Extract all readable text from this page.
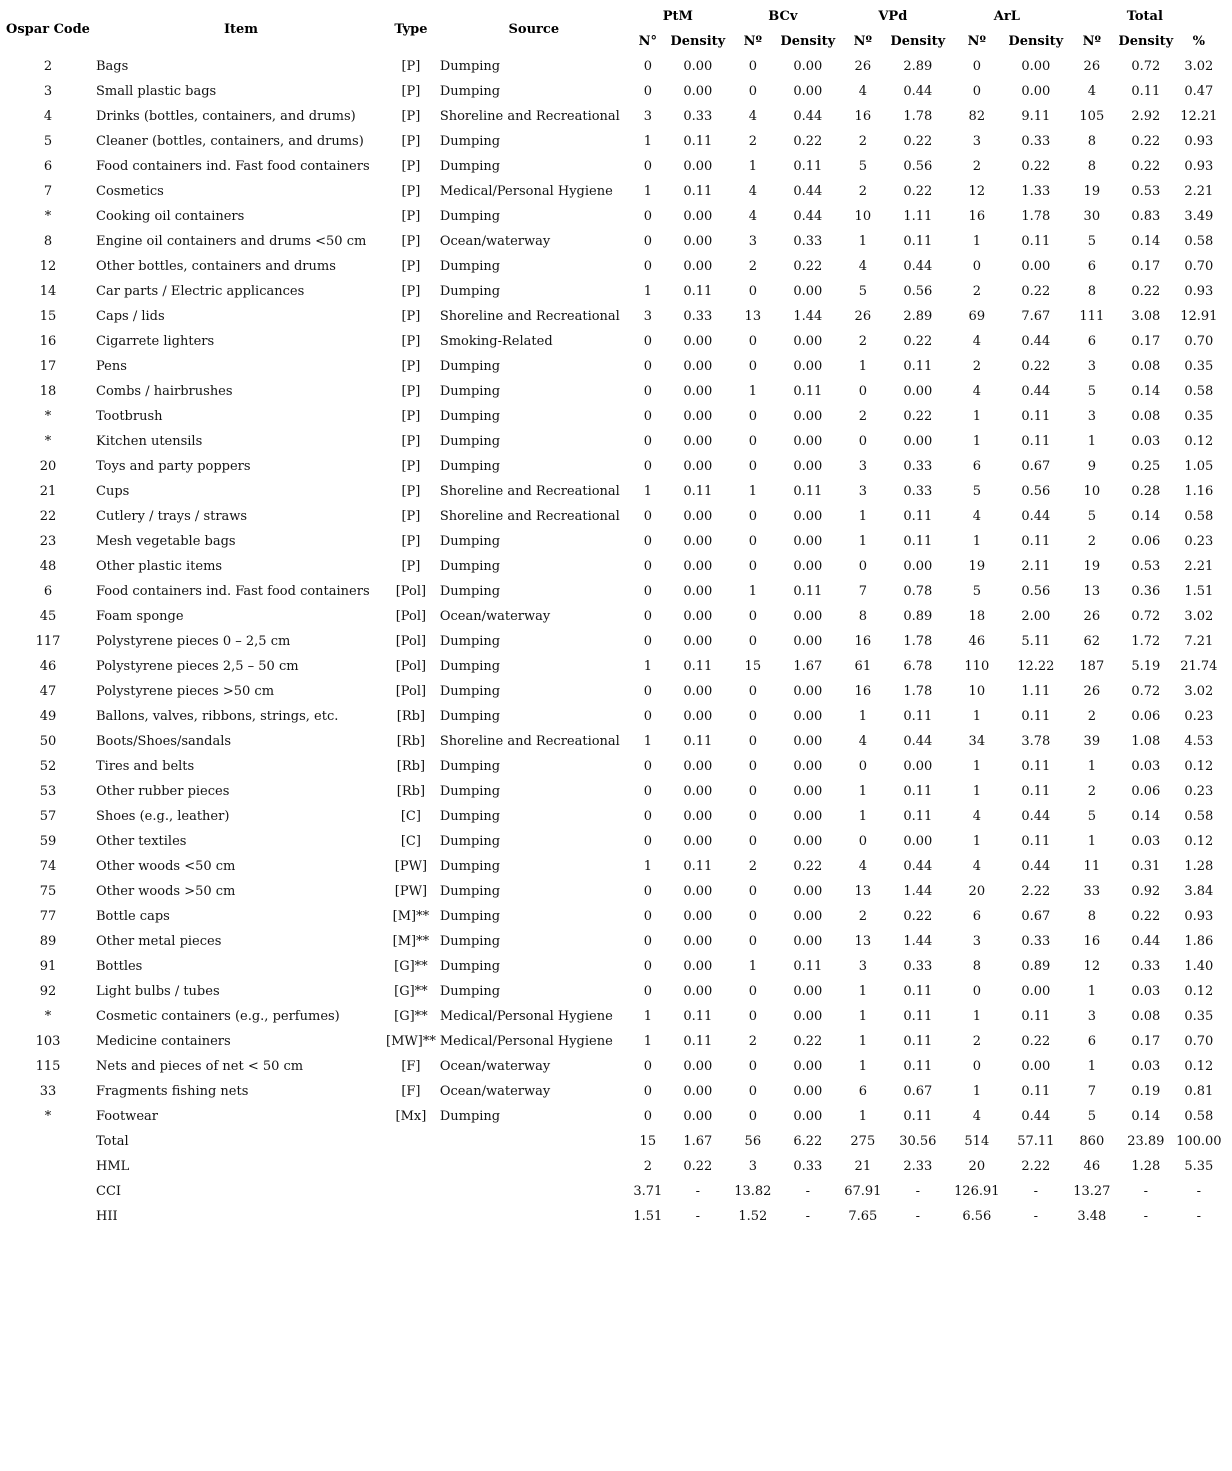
Ospar Code	Item	Type	Source	PtM		BCv		VPd		ArL		Total		
				N°	Density	Nº	Density	Nº	Density	Nº	Density	Nº	Density	%
2	Bags	[P]	Dumping	0	0.00	0	0.00	26	2.89	0	0.00	26	0.72	3.02
3	Small plastic bags	[P]	Dumping	0	0.00	0	0.00	4	0.44	0	0.00	4	0.11	0.47
4	Drinks (bottles, containers, and drums)	[P]	Shoreline and Recreational	3	0.33	4	0.44	16	1.78	82	9.11	105	2.92	12.21
5	Cleaner (bottles, containers, and drums)	[P]	Dumping	1	0.11	2	0.22	2	0.22	3	0.33	8	0.22	0.93
6	Food containers ind. Fast food containers	[P]	Dumping	0	0.00	1	0.11	5	0.56	2	0.22	8	0.22	0.93
7	Cosmetics	[P]	Medical/Personal Hygiene	1	0.11	4	0.44	2	0.22	12	1.33	19	0.53	2.21
*	Cooking oil containers	[P]	Dumping	0	0.00	4	0.44	10	1.11	16	1.78	30	0.83	3.49
8	Engine oil containers and drums <50 cm	[P]	Ocean/waterway	0	0.00	3	0.33	1	0.11	1	0.11	5	0.14	0.58
12	Other bottles, containers and drums	[P]	Dumping	0	0.00	2	0.22	4	0.44	0	0.00	6	0.17	0.70
14	Car parts / Electric applicances	[P]	Dumping	1	0.11	0	0.00	5	0.56	2	0.22	8	0.22	0.93
15	Caps / lids	[P]	Shoreline and Recreational	3	0.33	13	1.44	26	2.89	69	7.67	111	3.08	12.91
16	Cigarrete lighters	[P]	Smoking-Related	0	0.00	0	0.00	2	0.22	4	0.44	6	0.17	0.70
17	Pens	[P]	Dumping	0	0.00	0	0.00	1	0.11	2	0.22	3	0.08	0.35
18	Combs / hairbrushes	[P]	Dumping	0	0.00	1	0.11	0	0.00	4	0.44	5	0.14	0.58
*	Tootbrush	[P]	Dumping	0	0.00	0	0.00	2	0.22	1	0.11	3	0.08	0.35
*	Kitchen utensils	[P]	Dumping	0	0.00	0	0.00	0	0.00	1	0.11	1	0.03	0.12
20	Toys and party poppers	[P]	Dumping	0	0.00	0	0.00	3	0.33	6	0.67	9	0.25	1.05
21	Cups	[P]	Shoreline and Recreational	1	0.11	1	0.11	3	0.33	5	0.56	10	0.28	1.16
22	Cutlery / trays / straws	[P]	Shoreline and Recreational	0	0.00	0	0.00	1	0.11	4	0.44	5	0.14	0.58
23	Mesh vegetable bags	[P]	Dumping	0	0.00	0	0.00	1	0.11	1	0.11	2	0.06	0.23
48	Other plastic items	[P]	Dumping	0	0.00	0	0.00	0	0.00	19	2.11	19	0.53	2.21
6	Food containers ind. Fast food containers	[Pol]	Dumping	0	0.00	1	0.11	7	0.78	5	0.56	13	0.36	1.51
45	Foam sponge	[Pol]	Ocean/waterway	0	0.00	0	0.00	8	0.89	18	2.00	26	0.72	3.02
117	Polystyrene pieces 0 – 2,5 cm	[Pol]	Dumping	0	0.00	0	0.00	16	1.78	46	5.11	62	1.72	7.21
46	Polystyrene pieces 2,5 – 50 cm	[Pol]	Dumping	1	0.11	15	1.67	61	6.78	110	12.22	187	5.19	21.74
47	Polystyrene pieces >50 cm	[Pol]	Dumping	0	0.00	0	0.00	16	1.78	10	1.11	26	0.72	3.02
49	Ballons, valves, ribbons, strings, etc.	[Rb]	Dumping	0	0.00	0	0.00	1	0.11	1	0.11	2	0.06	0.23
50	Boots/Shoes/sandals	[Rb]	Shoreline and Recreational	1	0.11	0	0.00	4	0.44	34	3.78	39	1.08	4.53
52	Tires and belts	[Rb]	Dumping	0	0.00	0	0.00	0	0.00	1	0.11	1	0.03	0.12
53	Other rubber pieces	[Rb]	Dumping	0	0.00	0	0.00	1	0.11	1	0.11	2	0.06	0.23
57	Shoes (e.g., leather)	[C]	Dumping	0	0.00	0	0.00	1	0.11	4	0.44	5	0.14	0.58
59	Other textiles	[C]	Dumping	0	0.00	0	0.00	0	0.00	1	0.11	1	0.03	0.12
74	Other woods <50 cm	[PW]	Dumping	1	0.11	2	0.22	4	0.44	4	0.44	11	0.31	1.28
75	Other woods >50 cm	[PW]	Dumping	0	0.00	0	0.00	13	1.44	20	2.22	33	0.92	3.84
77	Bottle caps	[M]**	Dumping	0	0.00	0	0.00	2	0.22	6	0.67	8	0.22	0.93
89	Other metal pieces	[M]**	Dumping	0	0.00	0	0.00	13	1.44	3	0.33	16	0.44	1.86
91	Bottles	[G]**	Dumping	0	0.00	1	0.11	3	0.33	8	0.89	12	0.33	1.40
92	Light bulbs / tubes	[G]**	Dumping	0	0.00	0	0.00	1	0.11	0	0.00	1	0.03	0.12
*	Cosmetic containers (e.g., perfumes)	[G]**	Medical/Personal Hygiene	1	0.11	0	0.00	1	0.11	1	0.11	3	0.08	0.35
103	Medicine containers	[MW]**	Medical/Personal Hygiene	1	0.11	2	0.22	1	0.11	2	0.22	6	0.17	0.70
115	Nets and pieces of net < 50 cm	[F]	Ocean/waterway	0	0.00	0	0.00	1	0.11	0	0.00	1	0.03	0.12
33	Fragments fishing nets	[F]	Ocean/waterway	0	0.00	0	0.00	6	0.67	1	0.11	7	0.19	0.81
*	Footwear	[Mx]	Dumping	0	0.00	0	0.00	1	0.11	4	0.44	5	0.14	0.58
	Total			15	1.67	56	6.22	275	30.56	514	57.11	860	23.89	100.00
	HML			2	0.22	3	0.33	21	2.33	20	2.22	46	1.28	5.35
	CCI			3.71	-	13.82	-	67.91	-	126.91	-	13.27	-	-
	HII			1.51	-	1.52	-	7.65	-	6.56	-	3.48	-	-
